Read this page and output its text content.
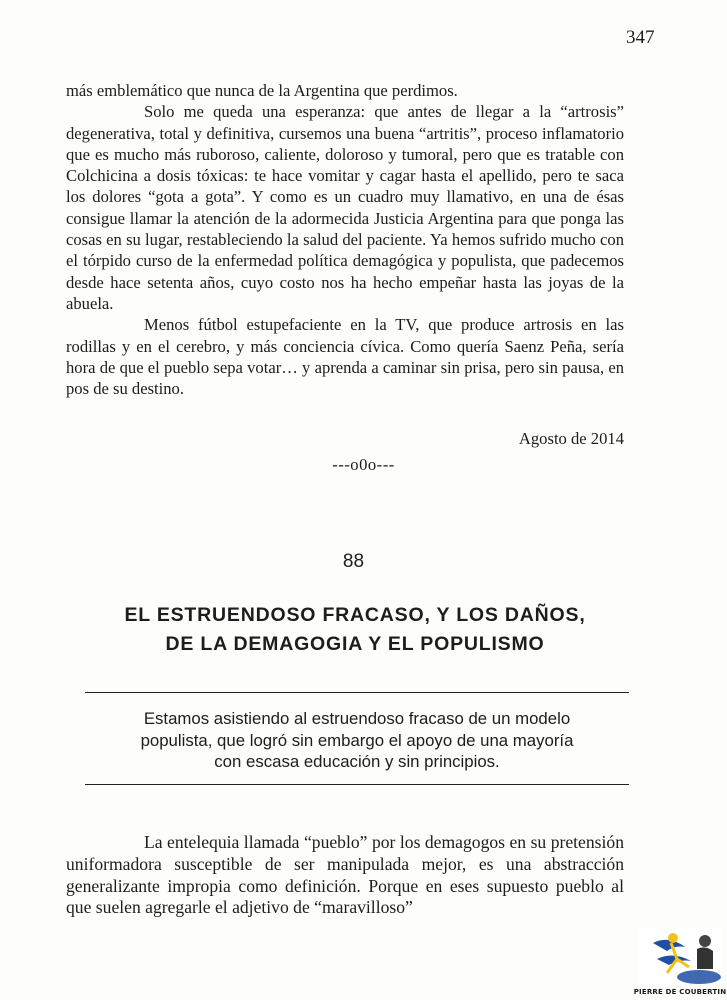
347

más emblemático que nunca de la Argentina que perdimos.

Solo me queda una esperanza: que antes de llegar a la “artrosis” degenerativa, total y definitiva, cursemos una buena “artritis”, proceso inflamatorio que es mucho más ruboroso, caliente, doloroso y tumoral, pero que es tratable con Colchicina a dosis tóxicas: te hace vomitar y cagar hasta el apellido, pero te saca los dolores “gota a gota”. Y como es un cuadro muy llamativo, en una de ésas consigue llamar la atención de la adormecida Justicia Argentina para que ponga las cosas en su lugar, restableciendo la salud del paciente. Ya hemos sufrido mucho con el tórpido curso de la enfermedad política demagógica y populista, que padecemos desde hace setenta años, cuyo costo nos ha hecho empeñar hasta las joyas de la abuela.

Menos fútbol estupefaciente en la TV, que produce artrosis en las rodillas y en el cerebro, y más conciencia cívica. Como quería Saenz Peña, sería hora de que el pueblo sepa votar… y aprenda a caminar sin prisa, pero sin pausa, en pos de su destino.

Agosto de 2014
---o0o---
88
EL ESTRUENDOSO FRACASO, Y LOS DAÑOS,
DE LA DEMAGOGIA Y EL POPULISMO
Estamos asistiendo al estruendoso fracaso de un modelo
populista, que logró sin embargo el apoyo de una mayoría
con escasa educación y sin principios.

La entelequia llamada “pueblo” por los demagogos en su pretensión uniformadora susceptible de ser manipulada mejor, es una abstracción generalizante impropia como definición. Porque en eses supuesto pueblo al que suelen agregarle el adjetivo de “maravilloso”

PIERRE DE COUBERTIN
